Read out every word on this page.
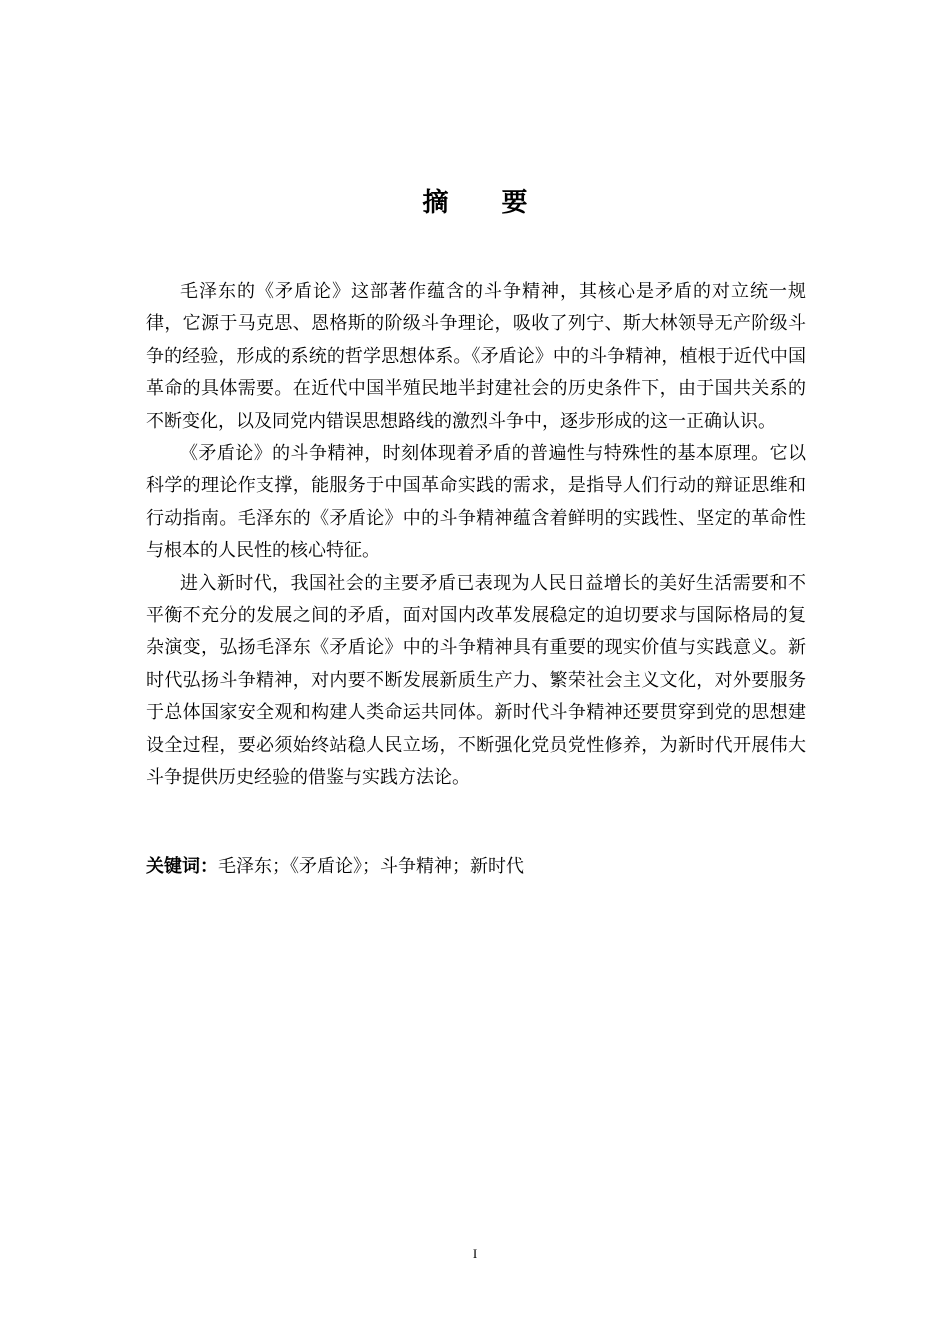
摘 要

毛泽东的《矛盾论》这部著作蕴含的斗争精神，其核心是矛盾的对立统一规律，它源于马克思、恩格斯的阶级斗争理论，吸收了列宁、斯大林领导无产阶级斗争的经验，形成的系统的哲学思想体系。《矛盾论》中的斗争精神，植根于近代中国革命的具体需要。在近代中国半殖民地半封建社会的历史条件下，由于国共关系的不断变化，以及同党内错误思想路线的激烈斗争中，逐步形成的这一正确认识。

《矛盾论》的斗争精神，时刻体现着矛盾的普遍性与特殊性的基本原理。它以科学的理论作支撑，能服务于中国革命实践的需求，是指导人们行动的辩证思维和行动指南。毛泽东的《矛盾论》中的斗争精神蕴含着鲜明的实践性、坚定的革命性与根本的人民性的核心特征。

进入新时代，我国社会的主要矛盾已表现为人民日益增长的美好生活需要和不平衡不充分的发展之间的矛盾，面对国内改革发展稳定的迫切要求与国际格局的复杂演变，弘扬毛泽东《矛盾论》中的斗争精神具有重要的现实价值与实践意义。新时代弘扬斗争精神，对内要不断发展新质生产力、繁荣社会主义文化，对外要服务于总体国家安全观和构建人类命运共同体。新时代斗争精神还要贯穿到党的思想建设全过程，要必须始终站稳人民立场，不断强化党员党性修养，为新时代开展伟大斗争提供历史经验的借鉴与实践方法论。

关键词：毛泽东；《矛盾论》；斗争精神；新时代
I
